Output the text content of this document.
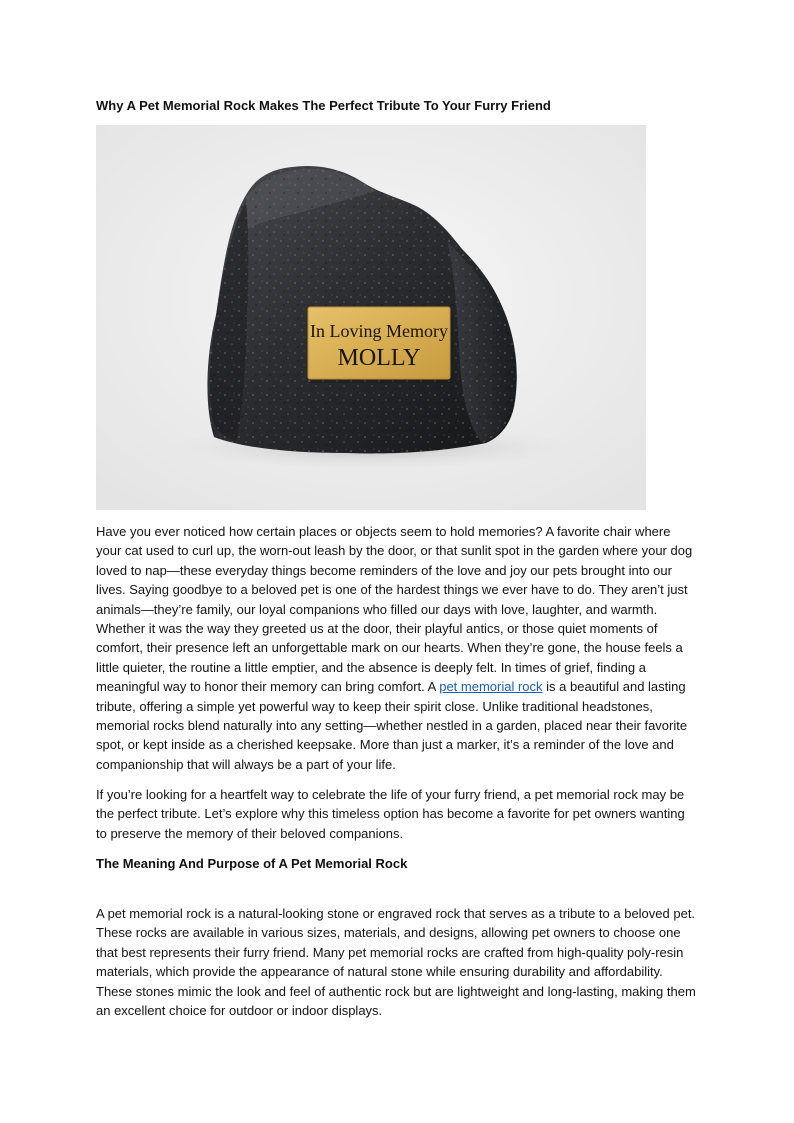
Why A Pet Memorial Rock Makes The Perfect Tribute To Your Furry Friend
In Loving Memory
MOLLY

Have you ever noticed how certain places or objects seem to hold memories? A favorite chair where your cat used to curl up, the worn-out leash by the door, or that sunlit spot in the garden where your dog loved to nap—these everyday things become reminders of the love and joy our pets brought into our lives. Saying goodbye to a beloved pet is one of the hardest things we ever have to do. They aren’t just animals—they’re family, our loyal companions who filled our days with love, laughter, and warmth. Whether it was the way they greeted us at the door, their playful antics, or those quiet moments of comfort, their presence left an unforgettable mark on our hearts. When they’re gone, the house feels a little quieter, the routine a little emptier, and the absence is deeply felt. In times of grief, finding a meaningful way to honor their memory can bring comfort. A pet memorial rock is a beautiful and lasting tribute, offering a simple yet powerful way to keep their spirit close. Unlike traditional headstones, memorial rocks blend naturally into any setting—whether nestled in a garden, placed near their favorite spot, or kept inside as a cherished keepsake. More than just a marker, it’s a reminder of the love and companionship that will always be a part of your life.

If you’re looking for a heartfelt way to celebrate the life of your furry friend, a pet memorial rock may be the perfect tribute. Let’s explore why this timeless option has become a favorite for pet owners wanting to preserve the memory of their beloved companions.

The Meaning And Purpose of A Pet Memorial Rock

A pet memorial rock is a natural-looking stone or engraved rock that serves as a tribute to a beloved pet. These rocks are available in various sizes, materials, and designs, allowing pet owners to choose one that best represents their furry friend. Many pet memorial rocks are crafted from high-quality poly-resin materials, which provide the appearance of natural stone while ensuring durability and affordability. These stones mimic the look and feel of authentic rock but are lightweight and long-lasting, making them an excellent choice for outdoor or indoor displays.
